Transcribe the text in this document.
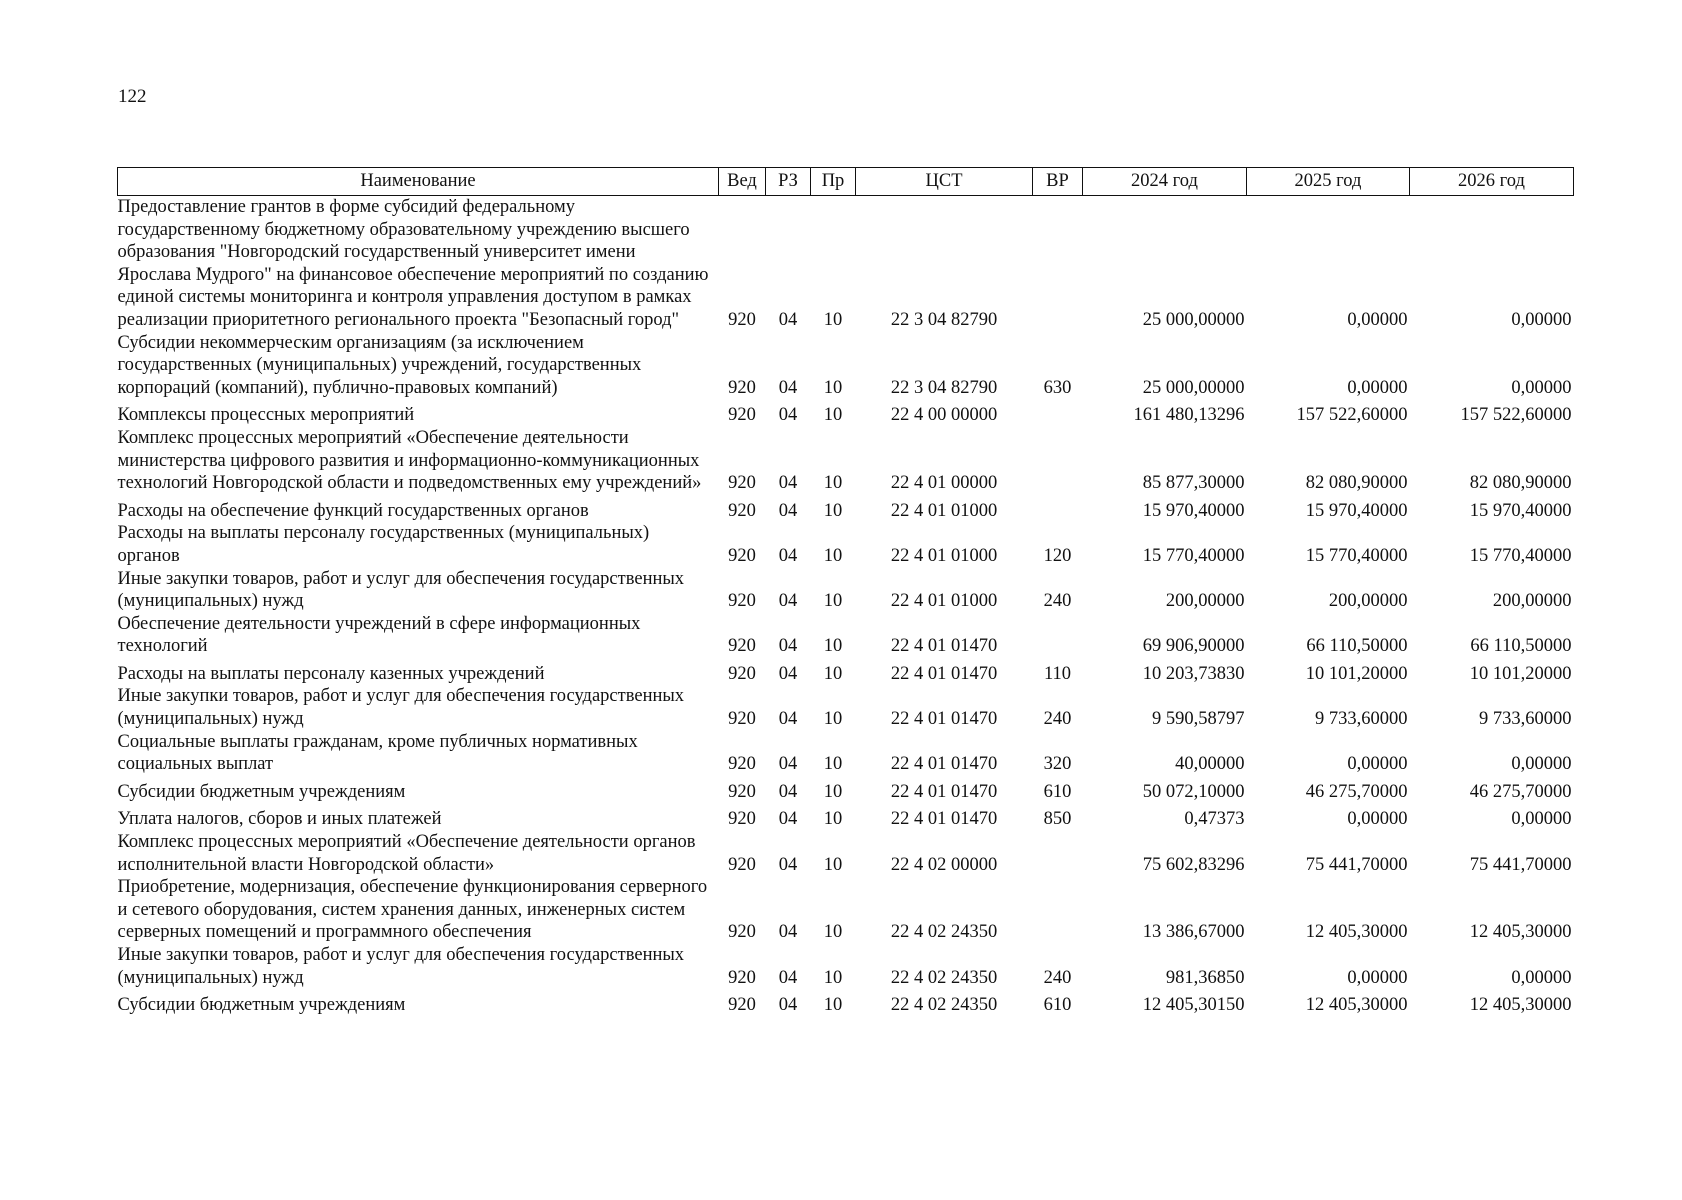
122
Наименование	Вед	РЗ	Пр	ЦСТ	ВР	2024 год	2025 год	2026 год
Предоставление грантов в форме субсидий федеральному государственному бюджетному образовательному учреждению высшего образования "Новгородский государственный университет имени Ярослава Мудрого" на финансовое обеспечение мероприятий по созданию единой системы мониторинга и контроля управления доступом в рамках реализации приоритетного регионального проекта "Безопасный город"	920	04	10	22 3 04 82790		25 000,00000	0,00000	0,00000
Субсидии некоммерческим организациям (за исключением государственных (муниципальных) учреждений, государственных корпораций (компаний), публично-правовых компаний)	920	04	10	22 3 04 82790	630	25 000,00000	0,00000	0,00000
Комплексы процессных мероприятий	920	04	10	22 4 00 00000		161 480,13296	157 522,60000	157 522,60000
Комплекс процессных мероприятий «Обеспечение деятельности министерства цифрового развития и информационно-коммуникационных технологий Новгородской области и подведомственных ему учреждений»	920	04	10	22 4 01 00000		85 877,30000	82 080,90000	82 080,90000
Расходы на обеспечение функций государственных органов	920	04	10	22 4 01 01000		15 970,40000	15 970,40000	15 970,40000
Расходы на выплаты персоналу государственных (муниципальных) органов	920	04	10	22 4 01 01000	120	15 770,40000	15 770,40000	15 770,40000
Иные закупки товаров, работ и услуг для обеспечения государственных (муниципальных) нужд	920	04	10	22 4 01 01000	240	200,00000	200,00000	200,00000
Обеспечение деятельности учреждений в сфере информационных технологий	920	04	10	22 4 01 01470		69 906,90000	66 110,50000	66 110,50000
Расходы на выплаты персоналу казенных учреждений	920	04	10	22 4 01 01470	110	10 203,73830	10 101,20000	10 101,20000
Иные закупки товаров, работ и услуг для обеспечения государственных (муниципальных) нужд	920	04	10	22 4 01 01470	240	9 590,58797	9 733,60000	9 733,60000
Социальные выплаты гражданам, кроме публичных нормативных социальных выплат	920	04	10	22 4 01 01470	320	40,00000	0,00000	0,00000
Субсидии бюджетным учреждениям	920	04	10	22 4 01 01470	610	50 072,10000	46 275,70000	46 275,70000
Уплата налогов, сборов и иных платежей	920	04	10	22 4 01 01470	850	0,47373	0,00000	0,00000
Комплекс процессных мероприятий «Обеспечение деятельности органов исполнительной власти Новгородской области»	920	04	10	22 4 02 00000		75 602,83296	75 441,70000	75 441,70000
Приобретение, модернизация, обеспечение функционирования серверного и сетевого оборудования, систем хранения данных, инженерных систем серверных помещений и программного обеспечения	920	04	10	22 4 02 24350		13 386,67000	12 405,30000	12 405,30000
Иные закупки товаров, работ и услуг для обеспечения государственных (муниципальных) нужд	920	04	10	22 4 02 24350	240	981,36850	0,00000	0,00000
Субсидии бюджетным учреждениям	920	04	10	22 4 02 24350	610	12 405,30150	12 405,30000	12 405,30000
